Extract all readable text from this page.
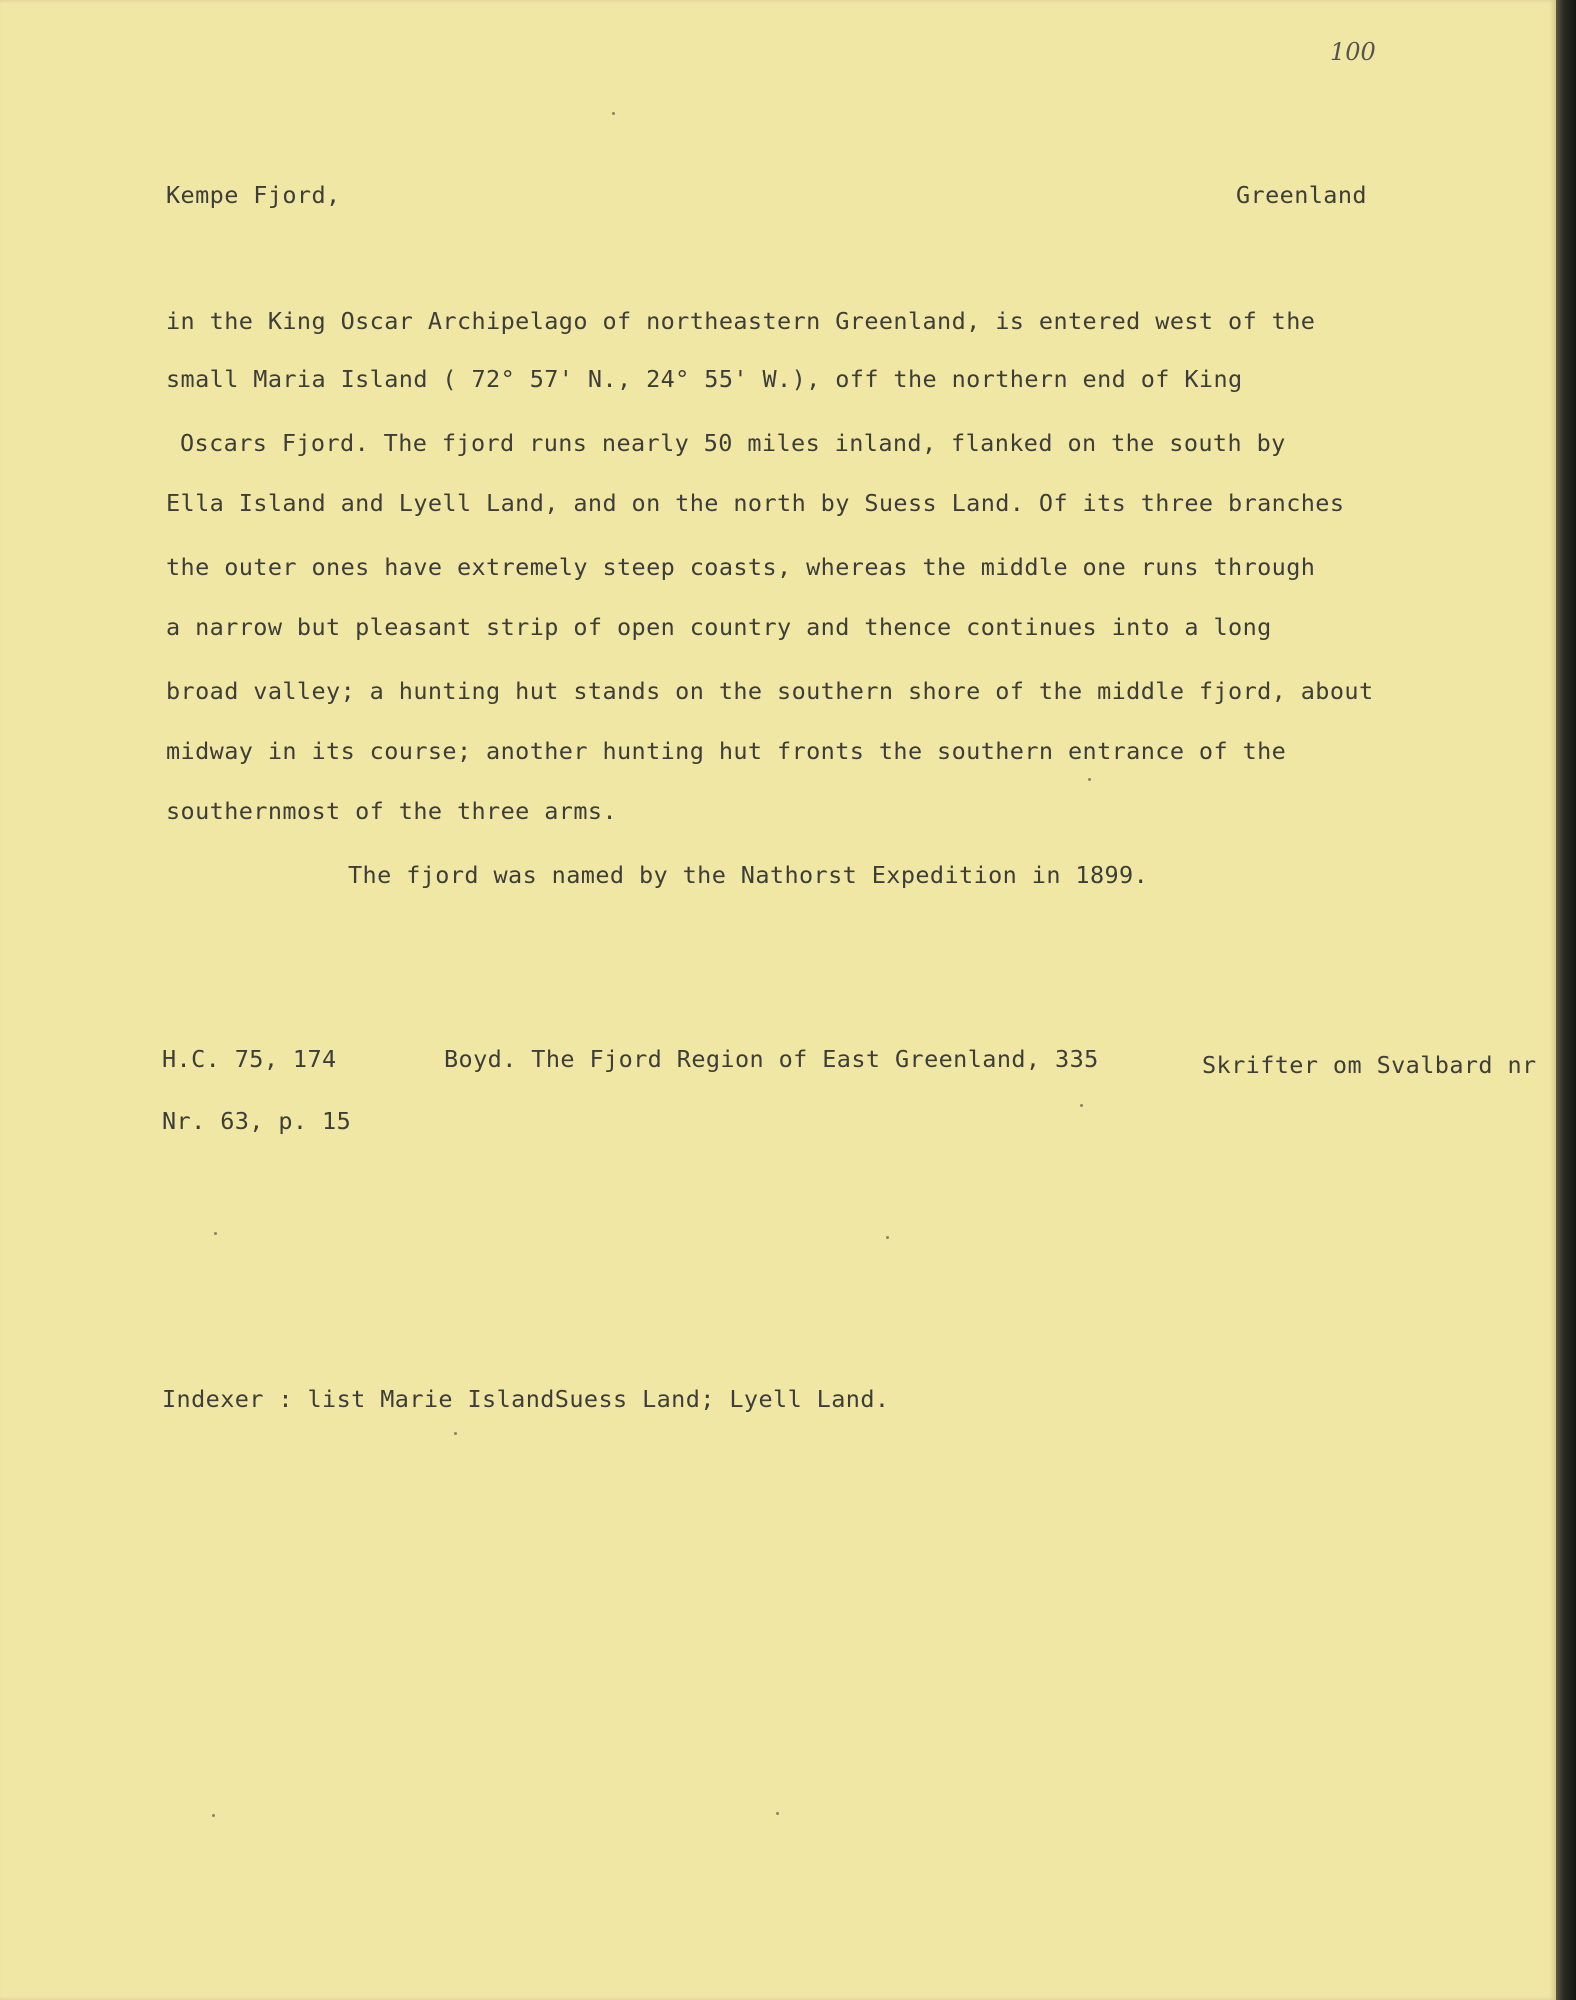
100
Kempe Fjord,	Greenland
in the King Oscar Archipelago of northeastern Greenland, is entered west of the
small Maria Island ( 72° 57' N., 24° 55' W.), off the northern end of King
Oscars Fjord. The fjord runs nearly 50 miles inland, flanked on the south by
Ella Island and Lyell Land, and on the north by Suess Land. Of its three branches
the outer ones have extremely steep coasts, whereas the middle one runs through
a narrow but pleasant strip of open country and thence continues into a long
broad valley; a hunting hut stands on the southern shore of the middle fjord, about
midway in its course; another hunting hut fronts the southern entrance of the
southernmost of the three arms.
The fjord was named by the Nathorst Expedition in 1899.
H.C. 75, 174	Boyd. The Fjord Region of East Greenland, 335	Skrifter om Svalbard nr
Nr. 63, p. 15
Indexer : list Marie IslandSuess Land; Lyell Land.
